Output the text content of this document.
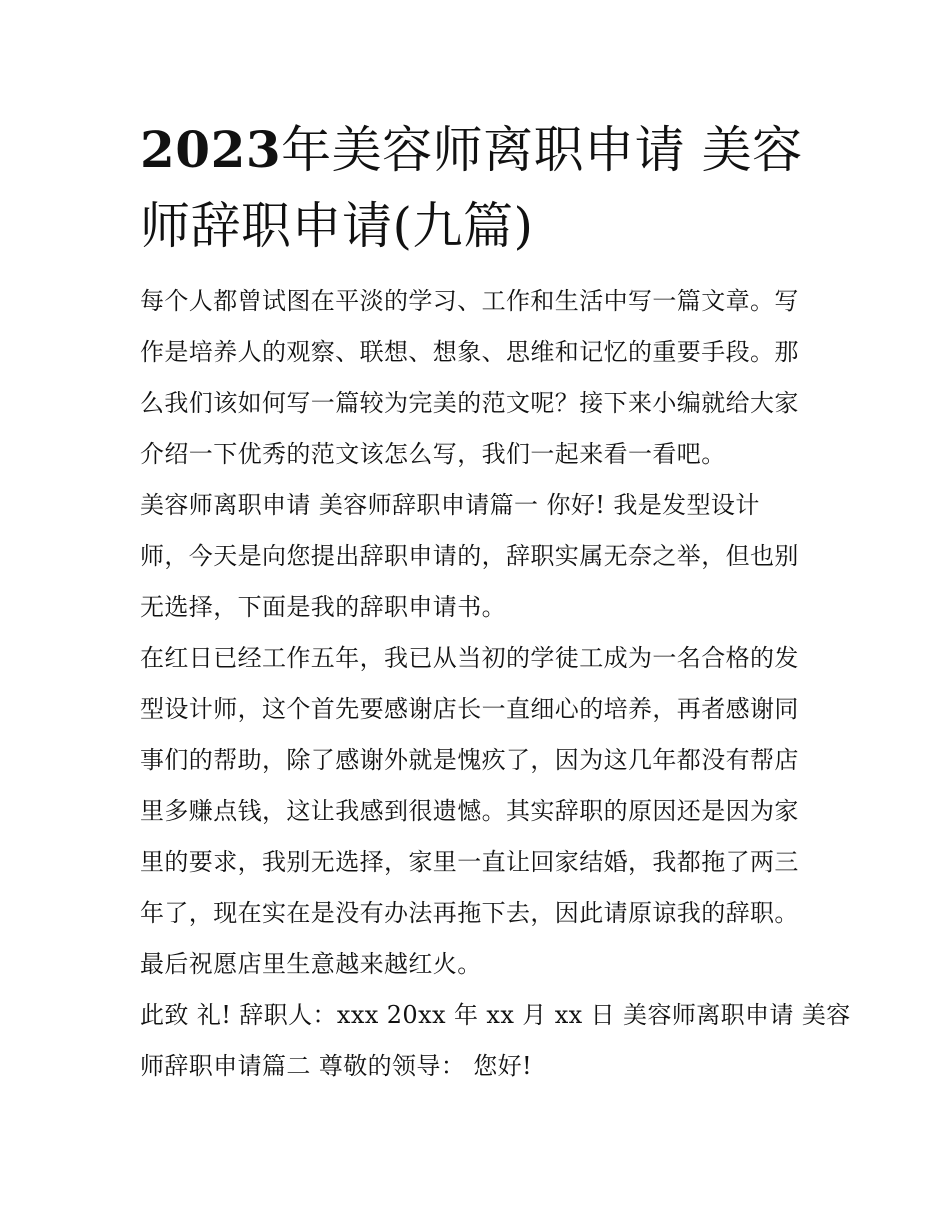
2023年美容师离职申请 美容
师辞职申请(九篇)

每个人都曾试图在平淡的学习、工作和生活中写一篇文章。写
作是培养人的观察、联想、想象、思维和记忆的重要手段。那
么我们该如何写一篇较为完美的范文呢？接下来小编就给大家
介绍一下优秀的范文该怎么写，我们一起来看一看吧。

美容师离职申请 美容师辞职申请篇一 你好! 我是发型设计
师，今天是向您提出辞职申请的，辞职实属无奈之举，但也别
无选择，下面是我的辞职申请书。

在红日已经工作五年，我已从当初的学徒工成为一名合格的发
型设计师，这个首先要感谢店长一直细心的培养，再者感谢同
事们的帮助，除了感谢外就是愧疚了，因为这几年都没有帮店
里多赚点钱，这让我感到很遗憾。其实辞职的原因还是因为家
里的要求，我别无选择，家里一直让回家结婚，我都拖了两三
年了，现在实在是没有办法再拖下去，因此请原谅我的辞职。
最后祝愿店里生意越来越红火。

此致 礼! 辞职人：xxx 20xx 年 xx 月 xx 日 美容师离职申请 美容
师辞职申请篇二 尊敬的领导： 您好!
